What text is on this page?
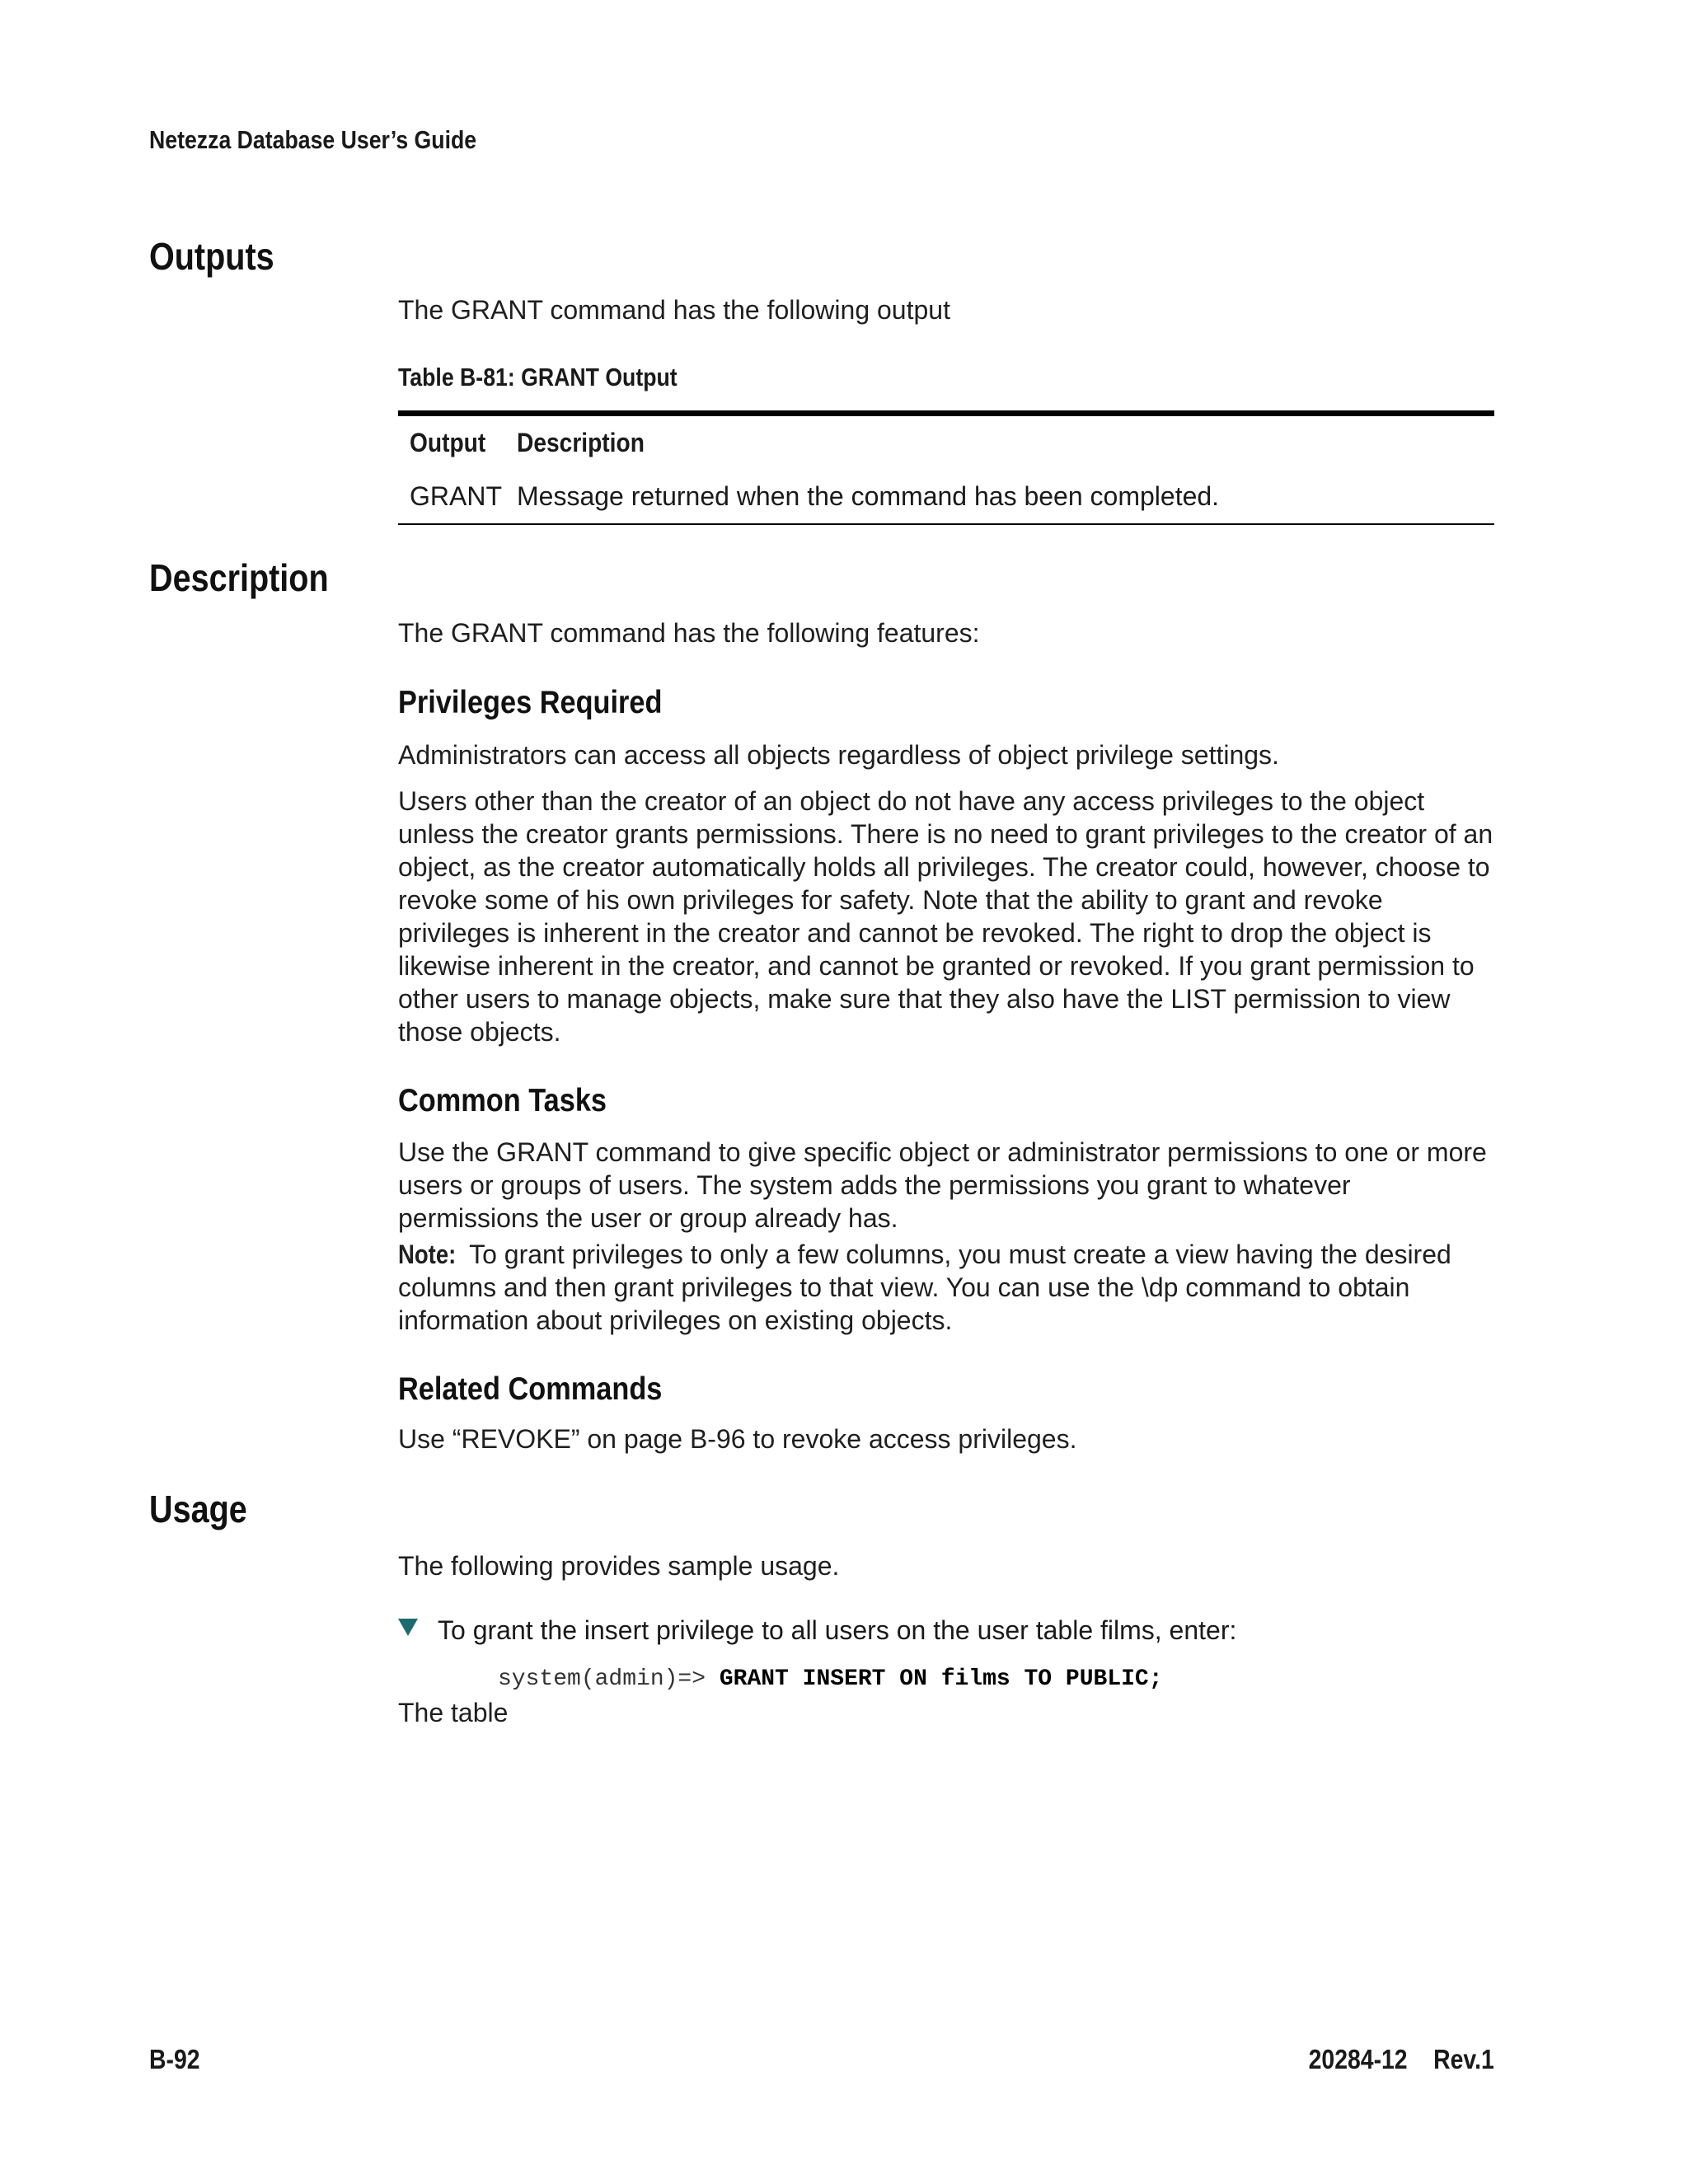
Netezza Database User’s Guide
Outputs
The GRANT command has the following output
Table B-81: GRANT Output
Output	Description
GRANT Message returned when the command has been completed.
Description
The GRANT command has the following features:
Privileges Required
Administrators can access all objects regardless of object privilege settings.
Users other than the creator of an object do not have any access privileges to the object unless the creator grants permissions. There is no need to grant privileges to the creator of an object, as the creator automatically holds all privileges. The creator could, however, choose to revoke some of his own privileges for safety. Note that the ability to grant and revoke privileges is inherent in the creator and cannot be revoked. The right to drop the object is likewise inherent in the creator, and cannot be granted or revoked. If you grant permission to other users to manage objects, make sure that they also have the LIST permission to view those objects.
Common Tasks
Use the GRANT command to give specific object or administrator permissions to one or more users or groups of users. The system adds the permissions you grant to whatever permissions the user or group already has.
Note: To grant privileges to only a few columns, you must create a view having the desired columns and then grant privileges to that view. You can use the \dp command to obtain information about privileges on existing objects.
Related Commands
Use “REVOKE” on page B-96 to revoke access privileges.
Usage
The following provides sample usage.
To grant the insert privilege to all users on the user table films, enter:
system(admin)=> GRANT INSERT ON films TO PUBLIC;
The table
B-92	20284-12    Rev.1
